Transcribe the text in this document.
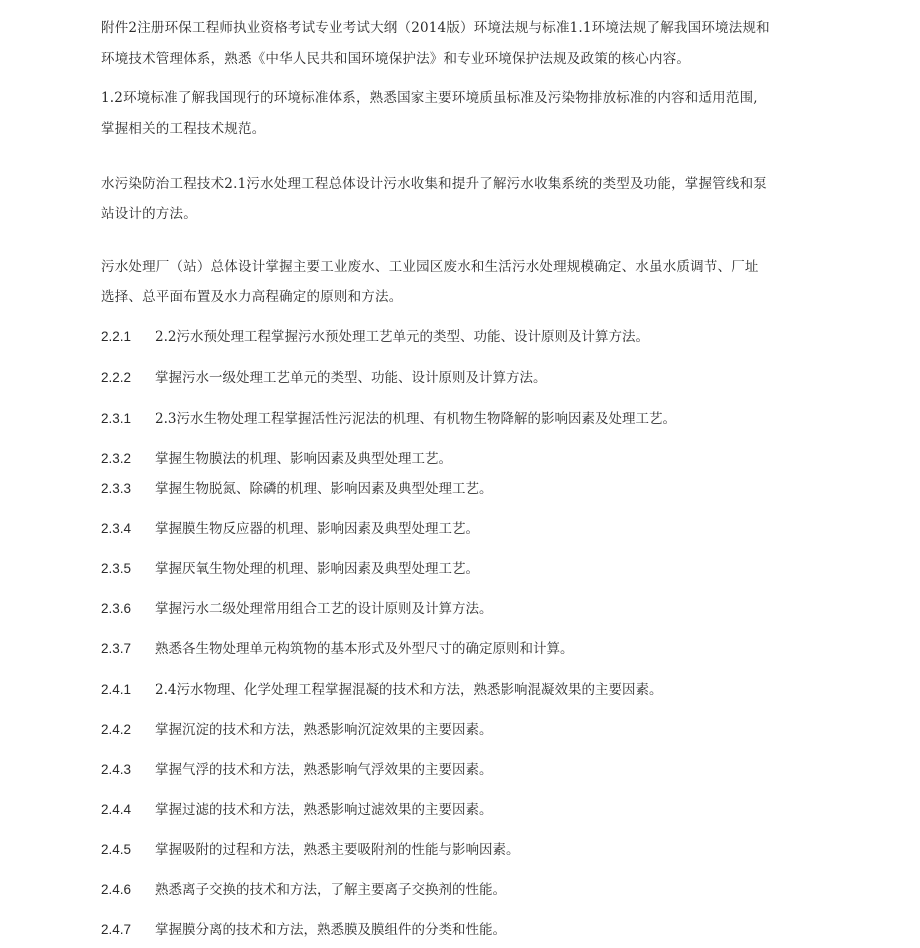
附件2注册环保工程师执业资格考试专业考试大纲（2014版）环境法规与标准1.1环境法规了解我国环境法规和
环境技术管理体系，熟悉《中华人民共和国环境保护法》和专业环境保护法规及政策的核心内容。
1.2环境标准了解我国现行的环境标准体系，熟悉国家主要环境质虽标准及污染物排放标准的内容和适用范围,
掌握相关的工程技术规范。
水污染防治工程技术2.1污水处理工程总体设计污水收集和提升了解污水收集系统的类型及功能，掌握管线和泵
站设计的方法。
污水处理厂（站）总体设计掌握主要工业废水、工业园区废水和生活污水处理规模确定、水虽水质调节、厂址
选择、总平面布置及水力高程确定的原则和方法。
2.2.1 2.2污水预处理工程掌握污水预处理工艺单元的类型、功能、设计原则及计算方法。
2.2.2 掌握污水一级处理工艺单元的类型、功能、设计原则及计算方法。
2.3.1 2.3污水生物处理工程掌握活性污泥法的机理、有机物生物降解的影响因素及处理工艺。
2.3.2 掌握生物膜法的机理、影响因素及典型处理工艺。
2.3.3 掌握生物脱氮、除磷的机理、影响因素及典型处理工艺。
2.3.4 掌握膜生物反应器的机理、影响因素及典型处理工艺。
2.3.5 掌握厌氧生物处理的机理、影响因素及典型处理工艺。
2.3.6 掌握污水二级处理常用组合工艺的设计原则及计算方法。
2.3.7 熟悉各生物处理单元构筑物的基本形式及外型尺寸的确定原则和计算。
2.4.1 2.4污水物理、化学处理工程掌握混凝的技术和方法，熟悉影响混凝效果的主要因素。
2.4.2 掌握沉淀的技术和方法，熟悉影响沉淀效果的主要因素。
2.4.3 掌握气浮的技术和方法，熟悉影响气浮效果的主要因素。
2.4.4 掌握过滤的技术和方法，熟悉影响过滤效果的主要因素。
2.4.5 掌握吸附的过程和方法，熟悉主要吸附剂的性能与影响因素。
2.4.6 熟悉离子交换的技术和方法，了解主要离子交换剂的性能。
2.4.7 掌握膜分离的技术和方法，熟悉膜及膜组件的分类和性能。
